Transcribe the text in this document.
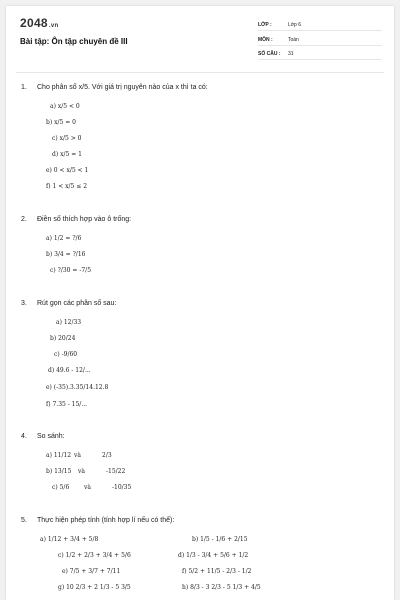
2048.vn
Bài tập: Ôn tập chuyên đề III
LỚP :	Lớp 6
MÔN :	Toán
SỐ CÂU : 31
1. Cho phân số x/5. Với giá trị nguyên nào của x thì ta có:
a) x/5 < 0
b) x/5 = 0
c) x/5 > 0
d) x/5 = 1
e) 0 < x/5 < 1
f) 1 < x/5 ≤ 2
2. Điền số thích hợp vào ô trống:
a) 1/2 = ?/6
b) 3/4 = ?/16
c) ?/30 = -7/5
3. Rút gọn các phân số sau:
a) 12/33
b) 20/24
c) -9/60
d) 49.6 - 12/...
e) (-35).3.35/14.12.8
f) 7.35 - 15/...
4. So sánh:
a) 11/12 và	2/3
b) 13/15 và	-15/22
c) 5/6 và	-10/35
5. Thực hiện phép tính (tính hợp lí nếu có thể):
a) 1/12 + 3/4 + 5/8	b) 1/5 - 1/6 + 2/15
c) 1/2 + 2/3 + 3/4 + 5/6	d) 1/3 - 3/4 + 5/6 + 1/2
e) 7/5 + 3/7 + 7/11	f) 5/2 + 11/5 - 2/3 - 1/2
g) 10 2/3 + 2 1/3 - 5 3/5	h) 8/3 - 3 2/3 - 5 1/3 + 4/5
